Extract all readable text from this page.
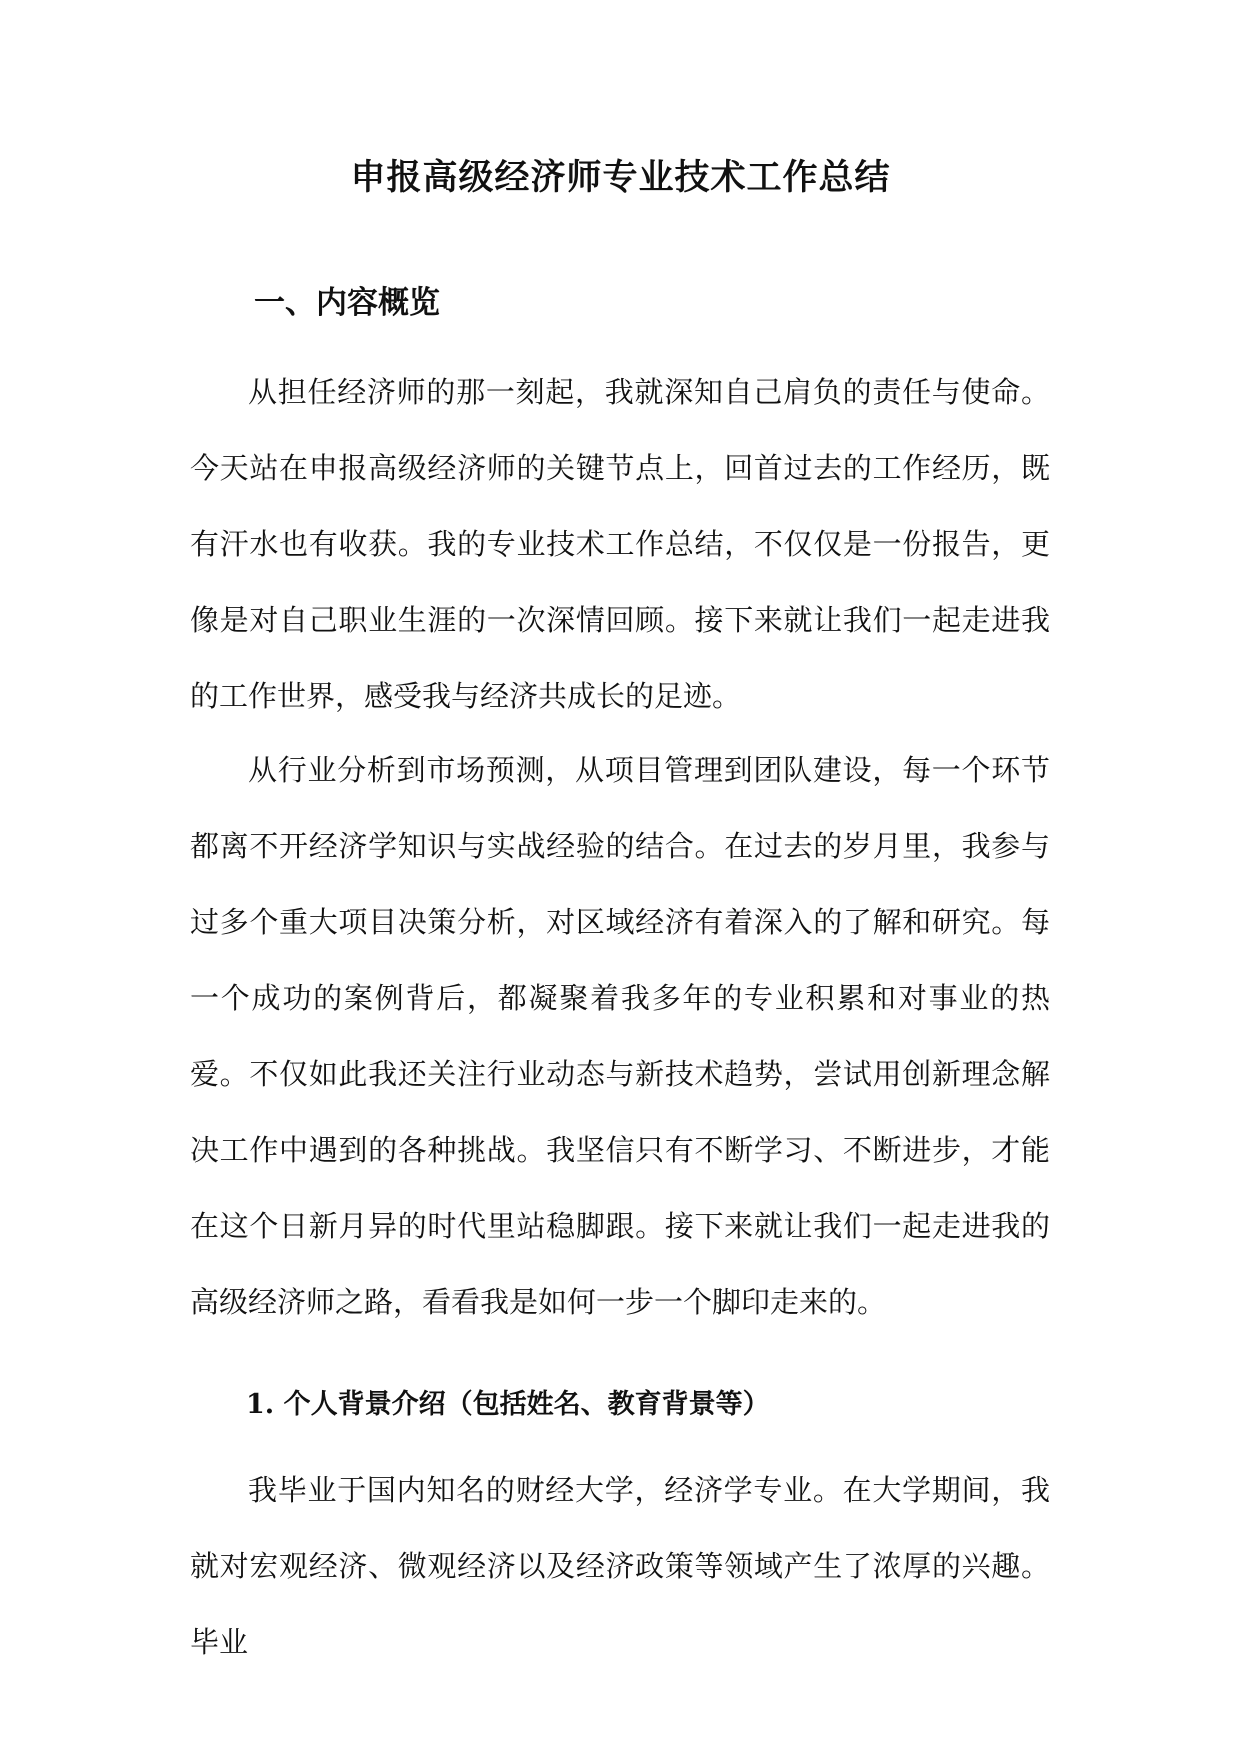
申报高级经济师专业技术工作总结
一、内容概览

从担任经济师的那一刻起，我就深知自己肩负的责任与使命。今天站在申报高级经济师的关键节点上，回首过去的工作经历，既有汗水也有收获。我的专业技术工作总结，不仅仅是一份报告，更像是对自己职业生涯的一次深情回顾。接下来就让我们一起走进我的工作世界，感受我与经济共成长的足迹。

从行业分析到市场预测，从项目管理到团队建设，每一个环节都离不开经济学知识与实战经验的结合。在过去的岁月里，我参与过多个重大项目决策分析，对区域经济有着深入的了解和研究。每一个成功的案例背后，都凝聚着我多年的专业积累和对事业的热爱。不仅如此我还关注行业动态与新技术趋势，尝试用创新理念解决工作中遇到的各种挑战。我坚信只有不断学习、不断进步，才能在这个日新月异的时代里站稳脚跟。接下来就让我们一起走进我的高级经济师之路，看看我是如何一步一个脚印走来的。

1. 个人背景介绍（包括姓名、教育背景等）

我毕业于国内知名的财经大学，经济学专业。在大学期间，我就对宏观经济、微观经济以及经济政策等领域产生了浓厚的兴趣。毕业
